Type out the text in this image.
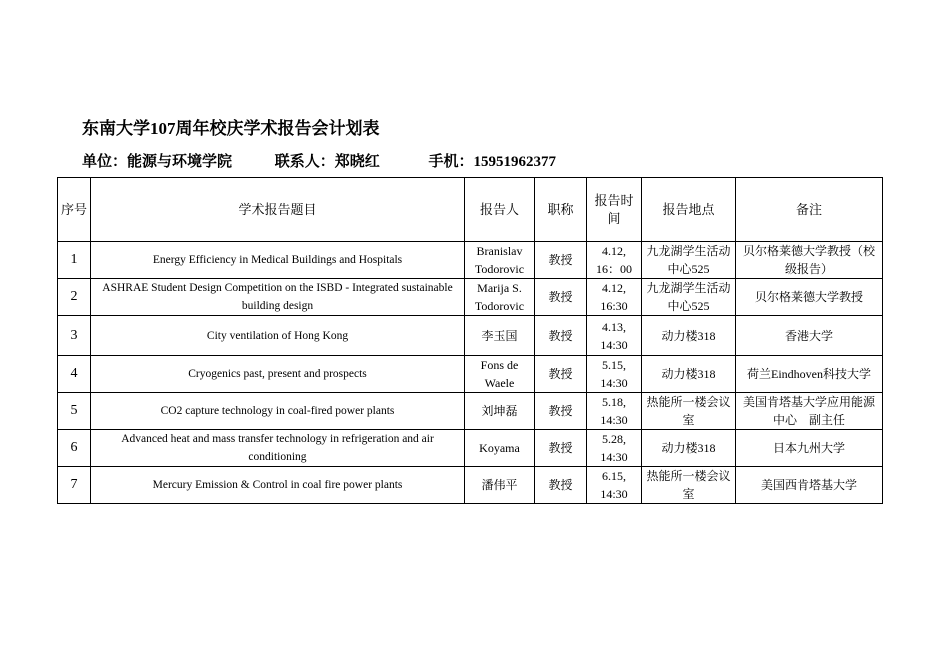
东南大学107周年校庆学术报告会计划表
单位：能源与环境学院	联系人：郑晓红	手机：15951962377
序号	学术报告题目	报告人	职称	报告时间	报告地点	备注
1	Energy Efficiency in Medical Buildings and Hospitals	Branislav Todorovic	教授	4.12, 16：00	九龙湖学生活动中心525	贝尔格莱德大学教授（校级报告）
2	ASHRAE Student Design Competition on the ISBD - Integrated sustainable building design	Marija S. Todorovic	教授	4.12, 16:30	九龙湖学生活动中心525	贝尔格莱德大学教授
3	City ventilation of Hong Kong	李玉国	教授	4.13, 14:30	动力楼318	香港大学
4	Cryogenics past, present and prospects	Fons de Waele	教授	5.15, 14:30	动力楼318	荷兰Eindhoven科技大学
5	CO2 capture technology in coal-fired power plants	刘坤磊	教授	5.18, 14:30	热能所一楼会议室	美国肯塔基大学应用能源中心　副主任
6	Advanced heat and mass transfer technology in refrigeration and air conditioning	Koyama	教授	5.28, 14:30	动力楼318	日本九州大学
7	Mercury Emission & Control in coal fire power plants	潘伟平	教授	6.15, 14:30	热能所一楼会议室	美国西肯塔基大学
